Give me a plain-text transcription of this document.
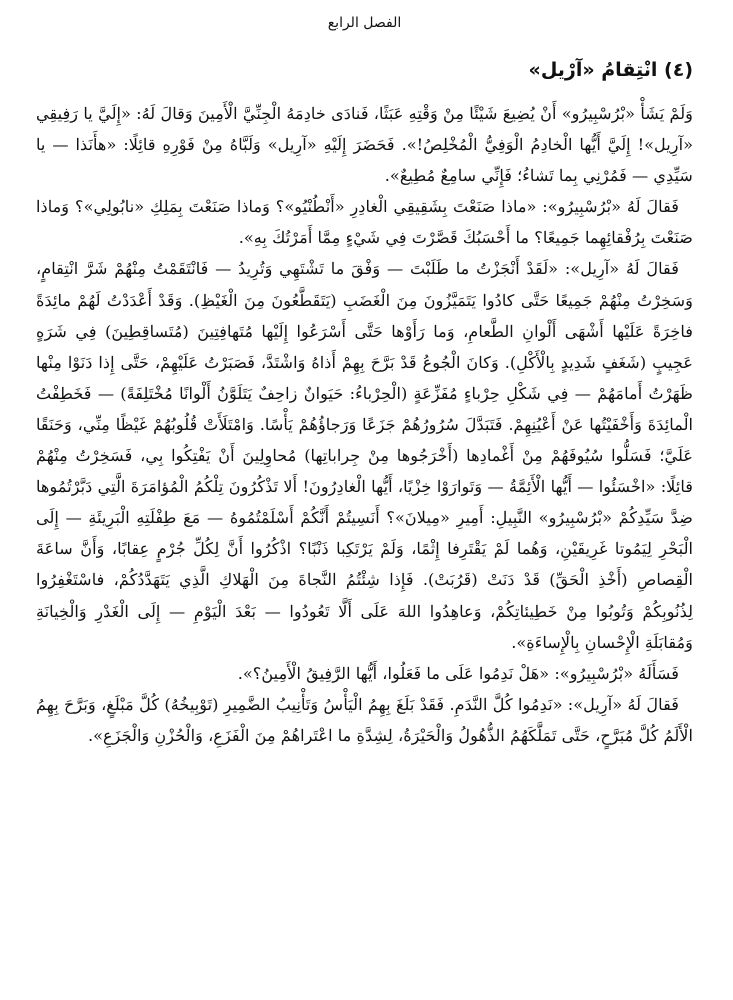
الفصل الرابع
(٤) انْتِقامُ «آرْيل»

وَلَمْ يَشَأْ «بْرُسْبِيرُو» أَنْ يُضِيعَ شَيْئًا مِنْ وَقْتِهِ عَبَثًا، فَنادَى خادِمَهُ الْجِنِّيَّ الْأَمِينَ وَقالَ لَهُ: «إِلَيَّ يا رَفِيقِي «آرِيل»! إِلَيَّ أَيُّها الْخادِمُ الْوَفِيُّ الْمُخْلِصُ!». فَحَضَرَ إِلَيْهِ «آرِيل» وَلَبَّاهُ مِنْ فَوْرِهِ قائِلًا: «هأَنَذا — يا سَيِّدِي — فَمُرْنِي بِما تَشاءُ؛ فَإِنِّي سامِعٌ مُطِيعٌ».

فَقالَ لَهُ «بْرُسْبِيرُو»: «ماذا صَنَعْتَ بِشَقِيقِي الْغادِرِ «أَنْطُنْيُو»؟ وَماذا صَنَعْتَ بِمَلِكِ «نابُولِي»؟ وَماذا صَنَعْتَ بِرُفْقائِهِما جَمِيعًا؟ ما أَحْسَبُكَ قَصَّرْتَ فِي شَيْءٍ مِمَّا أَمَرْتُكَ بِهِ».

فَقالَ لَهُ «آرِيل»: «لَقَدْ أَنْجَزْتُ ما طَلَبْتَ — وَفْقَ ما تَشْتَهِي وَتُرِيدُ — فَانْتَقَمْتُ مِنْهُمْ شَرَّ انْتِقامٍ، وَسَخِرْتُ مِنْهُمْ جَمِيعًا حَتَّى كادُوا يَتَمَيَّزُونَ مِنَ الْغَضَبِ (يَتَقَطَّعُونَ مِنَ الْغَيْظِ). وَقَدْ أَعْدَدْتُ لَهُمْ مائِدَةً فاخِرَةً عَلَيْها أَشْهَى أَلْوانِ الطَّعامِ، وَما رَأَوْها حَتَّى أَسْرَعُوا إِلَيْها مُتَهافِتِينَ (مُتَساقِطِينَ) فِي شَرَهٍ عَجِيبٍ (شَغَفٍ شَدِيدٍ بِالْأَكْلِ). وَكانَ الْجُوعُ قَدْ بَرَّحَ بِهِمْ أَذاهُ وَاشْتَدَّ، فَصَبَرْتُ عَلَيْهِمْ، حَتَّى إِذا دَنَوْا مِنْها ظَهَرْتُ أَمامَهُمْ — فِي شَكْلِ حِرْباءٍ مُفَزِّعَةٍ (الْحِرْباءُ: حَيَوانٌ زاحِفٌ يَتَلَوَّنُ أَلْوانًا مُخْتَلِفَةً) — فَخَطِفْتُ الْمائِدَةَ وَأَخْفَيْتُها عَنْ أَعْيُنِهِمْ. فَتَبَدَّلَ سُرُورُهُمْ جَزَعًا وَرَجاؤُهُمْ يَأْسًا. وَامْتَلَأَتْ قُلُوبُهُمْ غَيْظًا مِنِّي، وَحَنَقًا عَلَيَّ؛ فَسَلُّوا سُيُوفَهُمْ مِنْ أَغْمادِها (أَخْرَجُوها مِنْ جِراباتِها) مُحاوِلِينَ أَنْ يَفْتِكُوا بِي، فَسَخِرْتُ مِنْهُمْ قائِلًا: «اخْسَئُوا — أَيُّها الْأَئِمَّةُ — وَتَوارَوْا خِزْيًا، أَيُّها الْغادِرُونَ! أَلا تَذْكُرُونَ تِلْكُمُ الْمُؤامَرَةَ الَّتِي دَبَّرْتُمُوها ضِدَّ سَيِّدِكُمْ «بْرُسْبِيرُو» النَّبِيلِ: أَمِيرِ «مِيلانَ»؟ أَنَسِيتُمْ أَنَّكُمْ أَسْلَمْتُمُوهُ — مَعَ طِفْلَتِهِ الْبَرِيئَةِ — إِلَى الْبَحْرِ لِيَمُوتا غَرِيقَيْنِ، وَهُما لَمْ يَقْتَرِفا إِثْمًا، وَلَمْ يَرْتَكِبا ذَنْبًا؟ اذْكُرُوا أَنَّ لِكُلِّ جُرْمٍ عِقابًا، وَأَنَّ ساعَةَ الْقِصاصِ (أَخْذِ الْحَقِّ) قَدْ دَنَتْ (قَرُبَتْ). فَإِذا شِئْتُمُ النَّجاةَ مِنَ الْهَلاكِ الَّذِي يَتَهَدَّدُكُمْ، فاسْتَغْفِرُوا لِذُنُوبِكُمْ وَتُوبُوا مِنْ خَطِيئاتِكُمْ، وَعاهِدُوا اللهَ عَلَى أَلَّا تَعُودُوا — بَعْدَ الْيَوْمِ — إِلَى الْغَدْرِ وَالْخِيانَةِ وَمُقابَلَةِ الْإِحْسانِ بِالْإِساءَةِ».

فَسَأَلَهُ «بْرُسْبِيرُو»: «هَلْ نَدِمُوا عَلَى ما فَعَلُوا، أَيُّها الرَّفِيقُ الْأَمِينُ؟».

فَقالَ لَهُ «آرِيل»: «نَدِمُوا كُلَّ النَّدَمِ. فَقَدْ بَلَغَ بِهِمُ الْيَأْسُ وَتَأْنِيبُ الضَّمِيرِ (تَوْبِيخُهُ) كُلَّ مَبْلَغٍ، وَبَرَّحَ بِهِمُ الْأَلَمُ كُلَّ مُبَرَّحٍ، حَتَّى تَمَلَّكَهُمُ الذُّهُولُ وَالْحَيْرَةُ، لِشِدَّةِ ما اعْتَراهُمْ مِنَ الْفَزَعِ، وَالْحُزْنِ وَالْجَزَعِ».
